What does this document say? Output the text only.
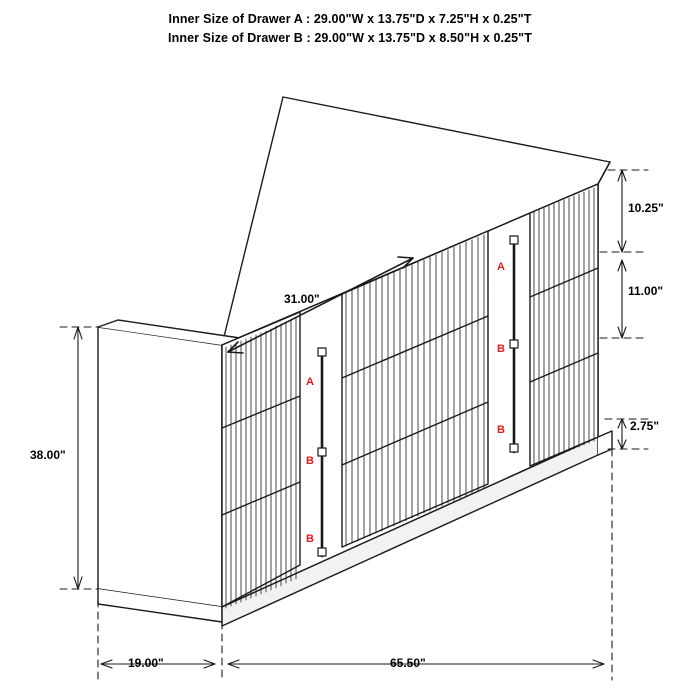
Inner Size of Drawer A : 29.00"W x 13.75"D x 7.25"H x 0.25"T
Inner Size of Drawer B : 29.00"W x 13.75"D x 8.50"H x 0.25"T
38.00"
31.00"
10.25"
11.00"
2.75"
19.00"	65.50"
A
B
B
A
B
B
